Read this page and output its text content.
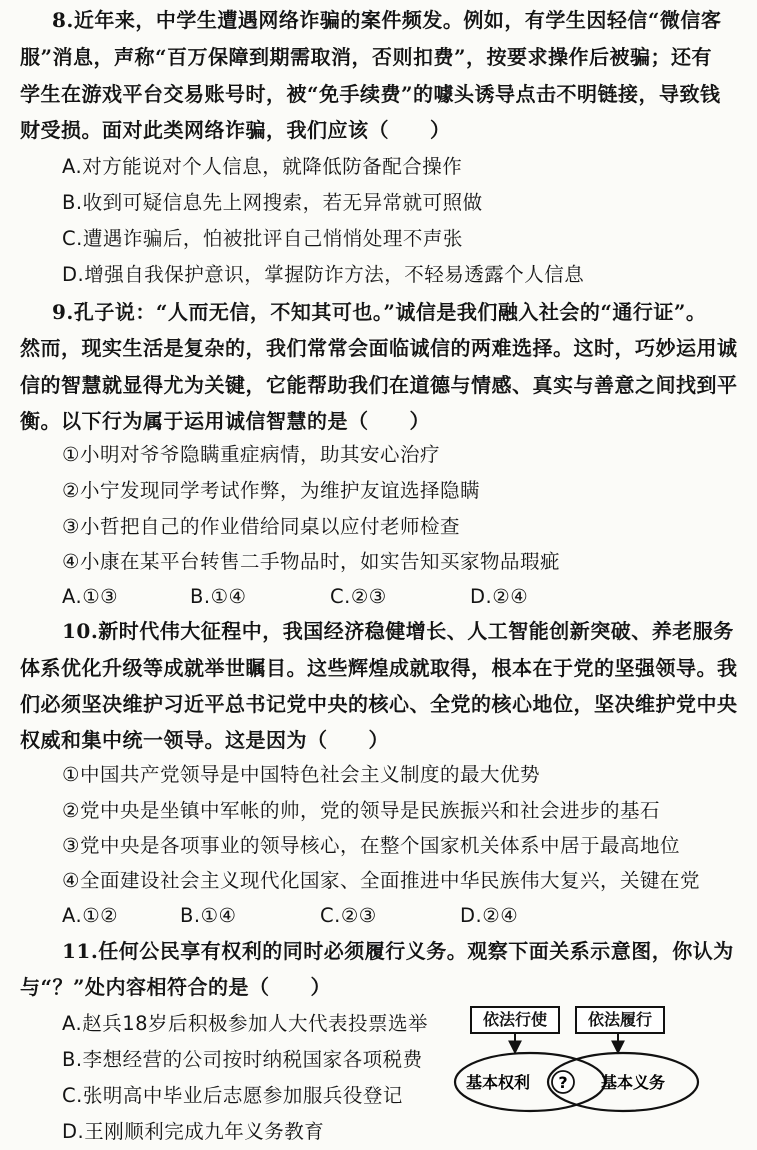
8.近年来，中学生遭遇网络诈骗的案件频发。例如，有学生因轻信“微信客
服”消息，声称“百万保障到期需取消，否则扣费”，按要求操作后被骗；还有
学生在游戏平台交易账号时，被“免手续费”的噱头诱导点击不明链接，导致钱
财受损。面对此类网络诈骗，我们应该（　　）
A.对方能说对个人信息，就降低防备配合操作
B.收到可疑信息先上网搜索，若无异常就可照做
C.遭遇诈骗后，怕被批评自己悄悄处理不声张
D.增强自我保护意识，掌握防诈方法，不轻易透露个人信息
9.孔子说：“人而无信，不知其可也。”诚信是我们融入社会的“通行证”。
然而，现实生活是复杂的，我们常常会面临诚信的两难选择。这时，巧妙运用诚
信的智慧就显得尤为关键，它能帮助我们在道德与情感、真实与善意之间找到平
衡。以下行为属于运用诚信智慧的是（　　）
①小明对爷爷隐瞒重症病情，助其安心治疗
②小宁发现同学考试作弊，为维护友谊选择隐瞒
③小哲把自己的作业借给同桌以应付老师检查
④小康在某平台转售二手物品时，如实告知买家物品瑕疵
A.①③	B.①④	C.②③	D.②④
10.新时代伟大征程中，我国经济稳健增长、人工智能创新突破、养老服务
体系优化升级等成就举世瞩目。这些辉煌成就取得，根本在于党的坚强领导。我
们必须坚决维护习近平总书记党中央的核心、全党的核心地位，坚决维护党中央
权威和集中统一领导。这是因为（　　）
①中国共产党领导是中国特色社会主义制度的最大优势
②党中央是坐镇中军帐的帅，党的领导是民族振兴和社会进步的基石
③党中央是各项事业的领导核心，在整个国家机关体系中居于最高地位
④全面建设社会主义现代化国家、全面推进中华民族伟大复兴，关键在党
A.①②	B.①④	C.②③	D.②④
11.任何公民享有权利的同时必须履行义务。观察下面关系示意图，你认为
与“？”处内容相符合的是（　　）
A.赵兵18岁后积极参加人大代表投票选举
B.李想经营的公司按时纳税国家各项税费
C.张明高中毕业后志愿参加服兵役登记
D.王刚顺利完成九年义务教育
?
基本权利	基本义务
依法行使	依法履行
